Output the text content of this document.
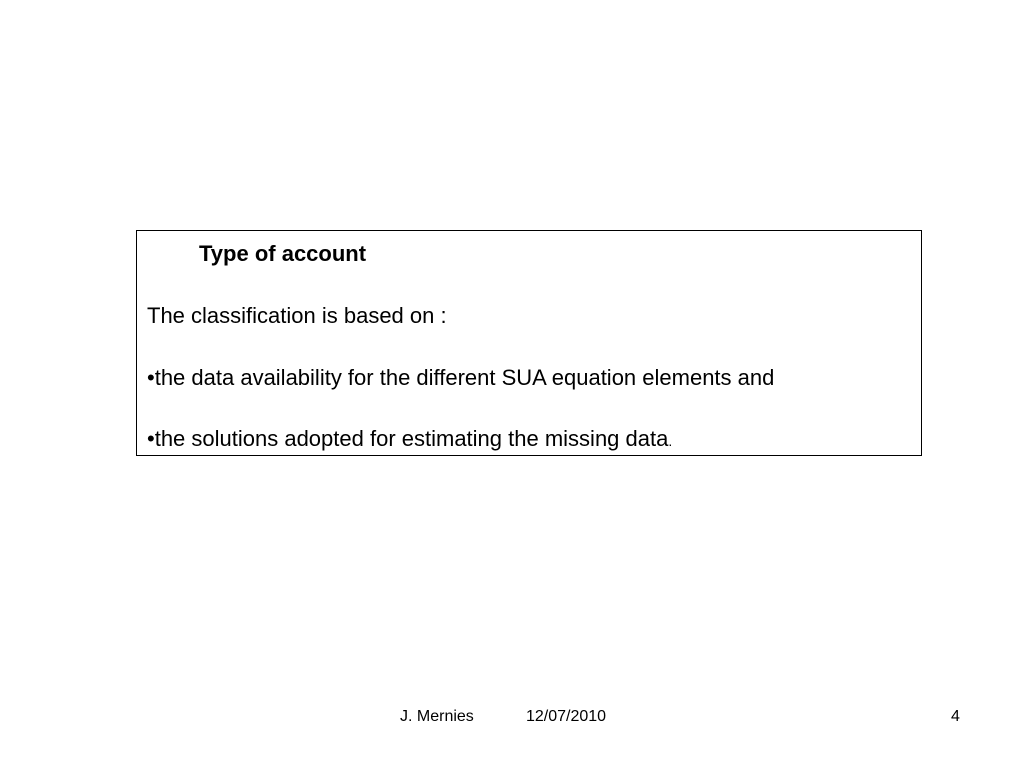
Type of account
The classification is based on :
•the data availability for the different SUA equation elements and
•the solutions adopted for estimating the missing data.
J. Mernies	12/07/2010	4
